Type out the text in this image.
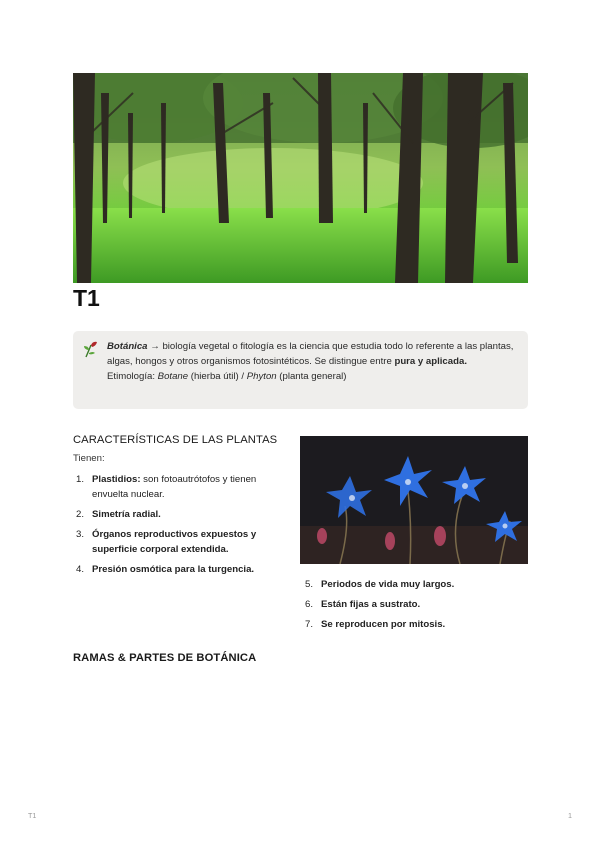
T1
Botánica → biología vegetal o fitología es la ciencia que estudia todo lo referente a las plantas, algas, hongos y otros organismos fotosintéticos. Se distingue entre pura y aplicada.
Etimología: Botane (hierba útil) / Phyton (planta general)
CARACTERÍSTICAS DE LAS PLANTAS
Tienen:
1. Plastidios: son fotoautrótofos y tienen envuelta nuclear.
2. Simetría radial.
3. Órganos reproductivos expuestos y superficie corporal extendida.
4. Presión osmótica para la turgencia.
5. Periodos de vida muy largos.
6. Están fijas a sustrato.
7. Se reproducen por mitosis.
RAMAS & PARTES DE BOTÁNICA
T1	1
